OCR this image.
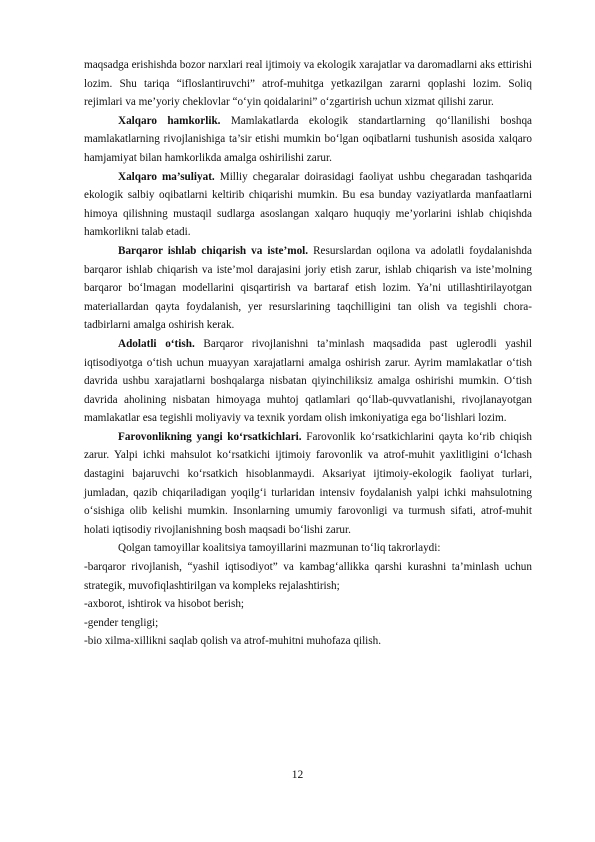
maqsadga erishishda bozor narxlari real ijtimoiy va ekologik xarajatlar va daromadlarni aks ettirishi lozim. Shu tariqa “ifloslantiruvchi” atrof-muhitga yetkazilgan zararni qoplashi lozim. Soliq rejimlari va me’yoriy cheklovlar “o‘yin qoidalarini” o‘zgartirish uchun xizmat qilishi zarur.

Xalqaro hamkorlik. Mamlakatlarda ekologik standartlarning qo‘llanilishi boshqa mamlakatlarning rivojlanishiga ta’sir etishi mumkin bo‘lgan oqibatlarni tushunish asosida xalqaro hamjamiyat bilan hamkorlikda amalga oshirilishi zarur.

Xalqaro ma’suliyat. Milliy chegaralar doirasidagi faoliyat ushbu chegaradan tashqarida ekologik salbiy oqibatlarni keltirib chiqarishi mumkin. Bu esa bunday vaziyatlarda manfaatlarni himoya qilishning mustaqil sudlarga asoslangan xalqaro huquqiy me’yorlarini ishlab chiqishda hamkorlikni talab etadi.

Barqaror ishlab chiqarish va iste’mol. Resurslardan oqilona va adolatli foydalanishda barqaror ishlab chiqarish va iste’mol darajasini joriy etish zarur, ishlab chiqarish va iste’molning barqaror bo‘lmagan modellarini qisqartirish va bartaraf etish lozim. Ya’ni utillashtirilayotgan materiallardan qayta foydalanish, yer resurslarining taqchilligini tan olish va tegishli chora-tadbirlarni amalga oshirish kerak.

Adolatli o‘tish. Barqaror rivojlanishni ta’minlash maqsadida past uglerodli yashil iqtisodiyotga o‘tish uchun muayyan xarajatlarni amalga oshirish zarur. Ayrim mamlakatlar o‘tish davrida ushbu xarajatlarni boshqalarga nisbatan qiyinchiliksiz amalga oshirishi mumkin. O‘tish davrida aholining nisbatan himoyaga muhtoj qatlamlari qo‘llab-quvvatlanishi, rivojlanayotgan mamlakatlar esa tegishli moliyaviy va texnik yordam olish imkoniyatiga ega bo‘lishlari lozim.

Farovonlikning yangi ko‘rsatkichlari. Farovonlik ko‘rsatkichlarini qayta ko‘rib chiqish zarur. Yalpi ichki mahsulot ko‘rsatkichi ijtimoiy farovonlik va atrof-muhit yaxlitligini o‘lchash dastagini bajaruvchi ko‘rsatkich hisoblanmaydi. Aksariyat ijtimoiy-ekologik faoliyat turlari, jumladan, qazib chiqariladigan yoqilg‘i turlaridan intensiv foydalanish yalpi ichki mahsulotning o‘sishiga olib kelishi mumkin. Insonlarning umumiy farovonligi va turmush sifati, atrof-muhit holati iqtisodiy rivojlanishning bosh maqsadi bo‘lishi zarur.

Qolgan tamoyillar koalitsiya tamoyillarini mazmunan to‘liq takrorlaydi:

-barqaror rivojlanish, “yashil iqtisodiyot” va kambag‘allikka qarshi kurashni ta’minlash uchun strategik, muvofiqlashtirilgan va kompleks rejalashtirish;

-axborot, ishtirok va hisobot berish;

-gender tengligi;

-bio xilma-xillikni saqlab qolish va atrof-muhitni muhofaza qilish.

12
